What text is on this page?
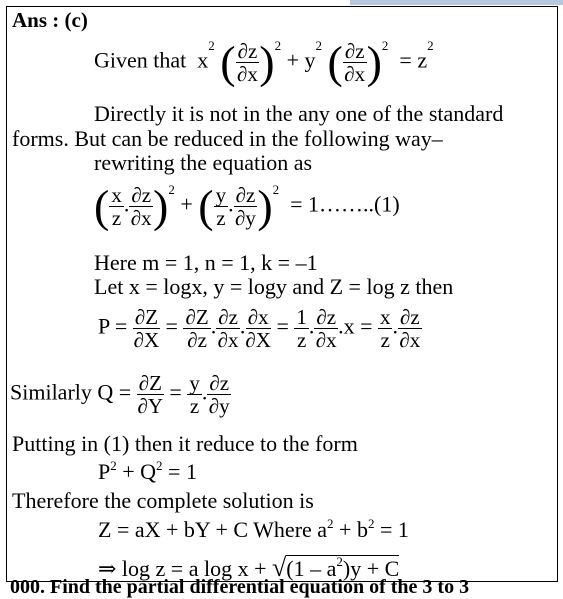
Ans : (c)
Given that $x^2$ ( $\frac{\partial z}{\partial x} )^2 + y^2$ ( $\frac{\partial z}{\partial x} )^2 = z^2$
Directly it is not in the any one of the standard
forms. But can be reduced in the following way–
rewriting the equation as
( $\frac{x}{z}$ . $\frac{\partial z}{\partial x} )^2$ + ( $\frac{y}{z}$ . $\frac{\partial z}{\partial y} )^2$  = 1……..(1)
Here m = 1, n = 1, k = –1
Let x = logx, y = logy and Z = log z then
$P = \frac{\partial Z}{\partial X} = \frac{\partial Z}{\partial z}$ . $\frac{\partial z}{\partial x}$ . $\frac{\partial x}{\partial X} = \frac{1}{z}$ . $\frac{\partial z}{\partial x} .x = \frac{x}{z}$ . $\frac{\partial z}{\partial x}$
Similarly $Q = \frac{\partial Z}{\partial Y} = \frac{y}{z}$ . $\frac{\partial z}{\partial y}$
Putting in (1) then it reduce to the form
$P^2 + Q^2 = 1$
Therefore the complete solution is
Z = aX + bY + C Where $a^2 + b^2 = 1$
⇒ log z = a $\log x + √(1 - a^2)y + C$
000. Find the partial differential equation of the 3 to 3
